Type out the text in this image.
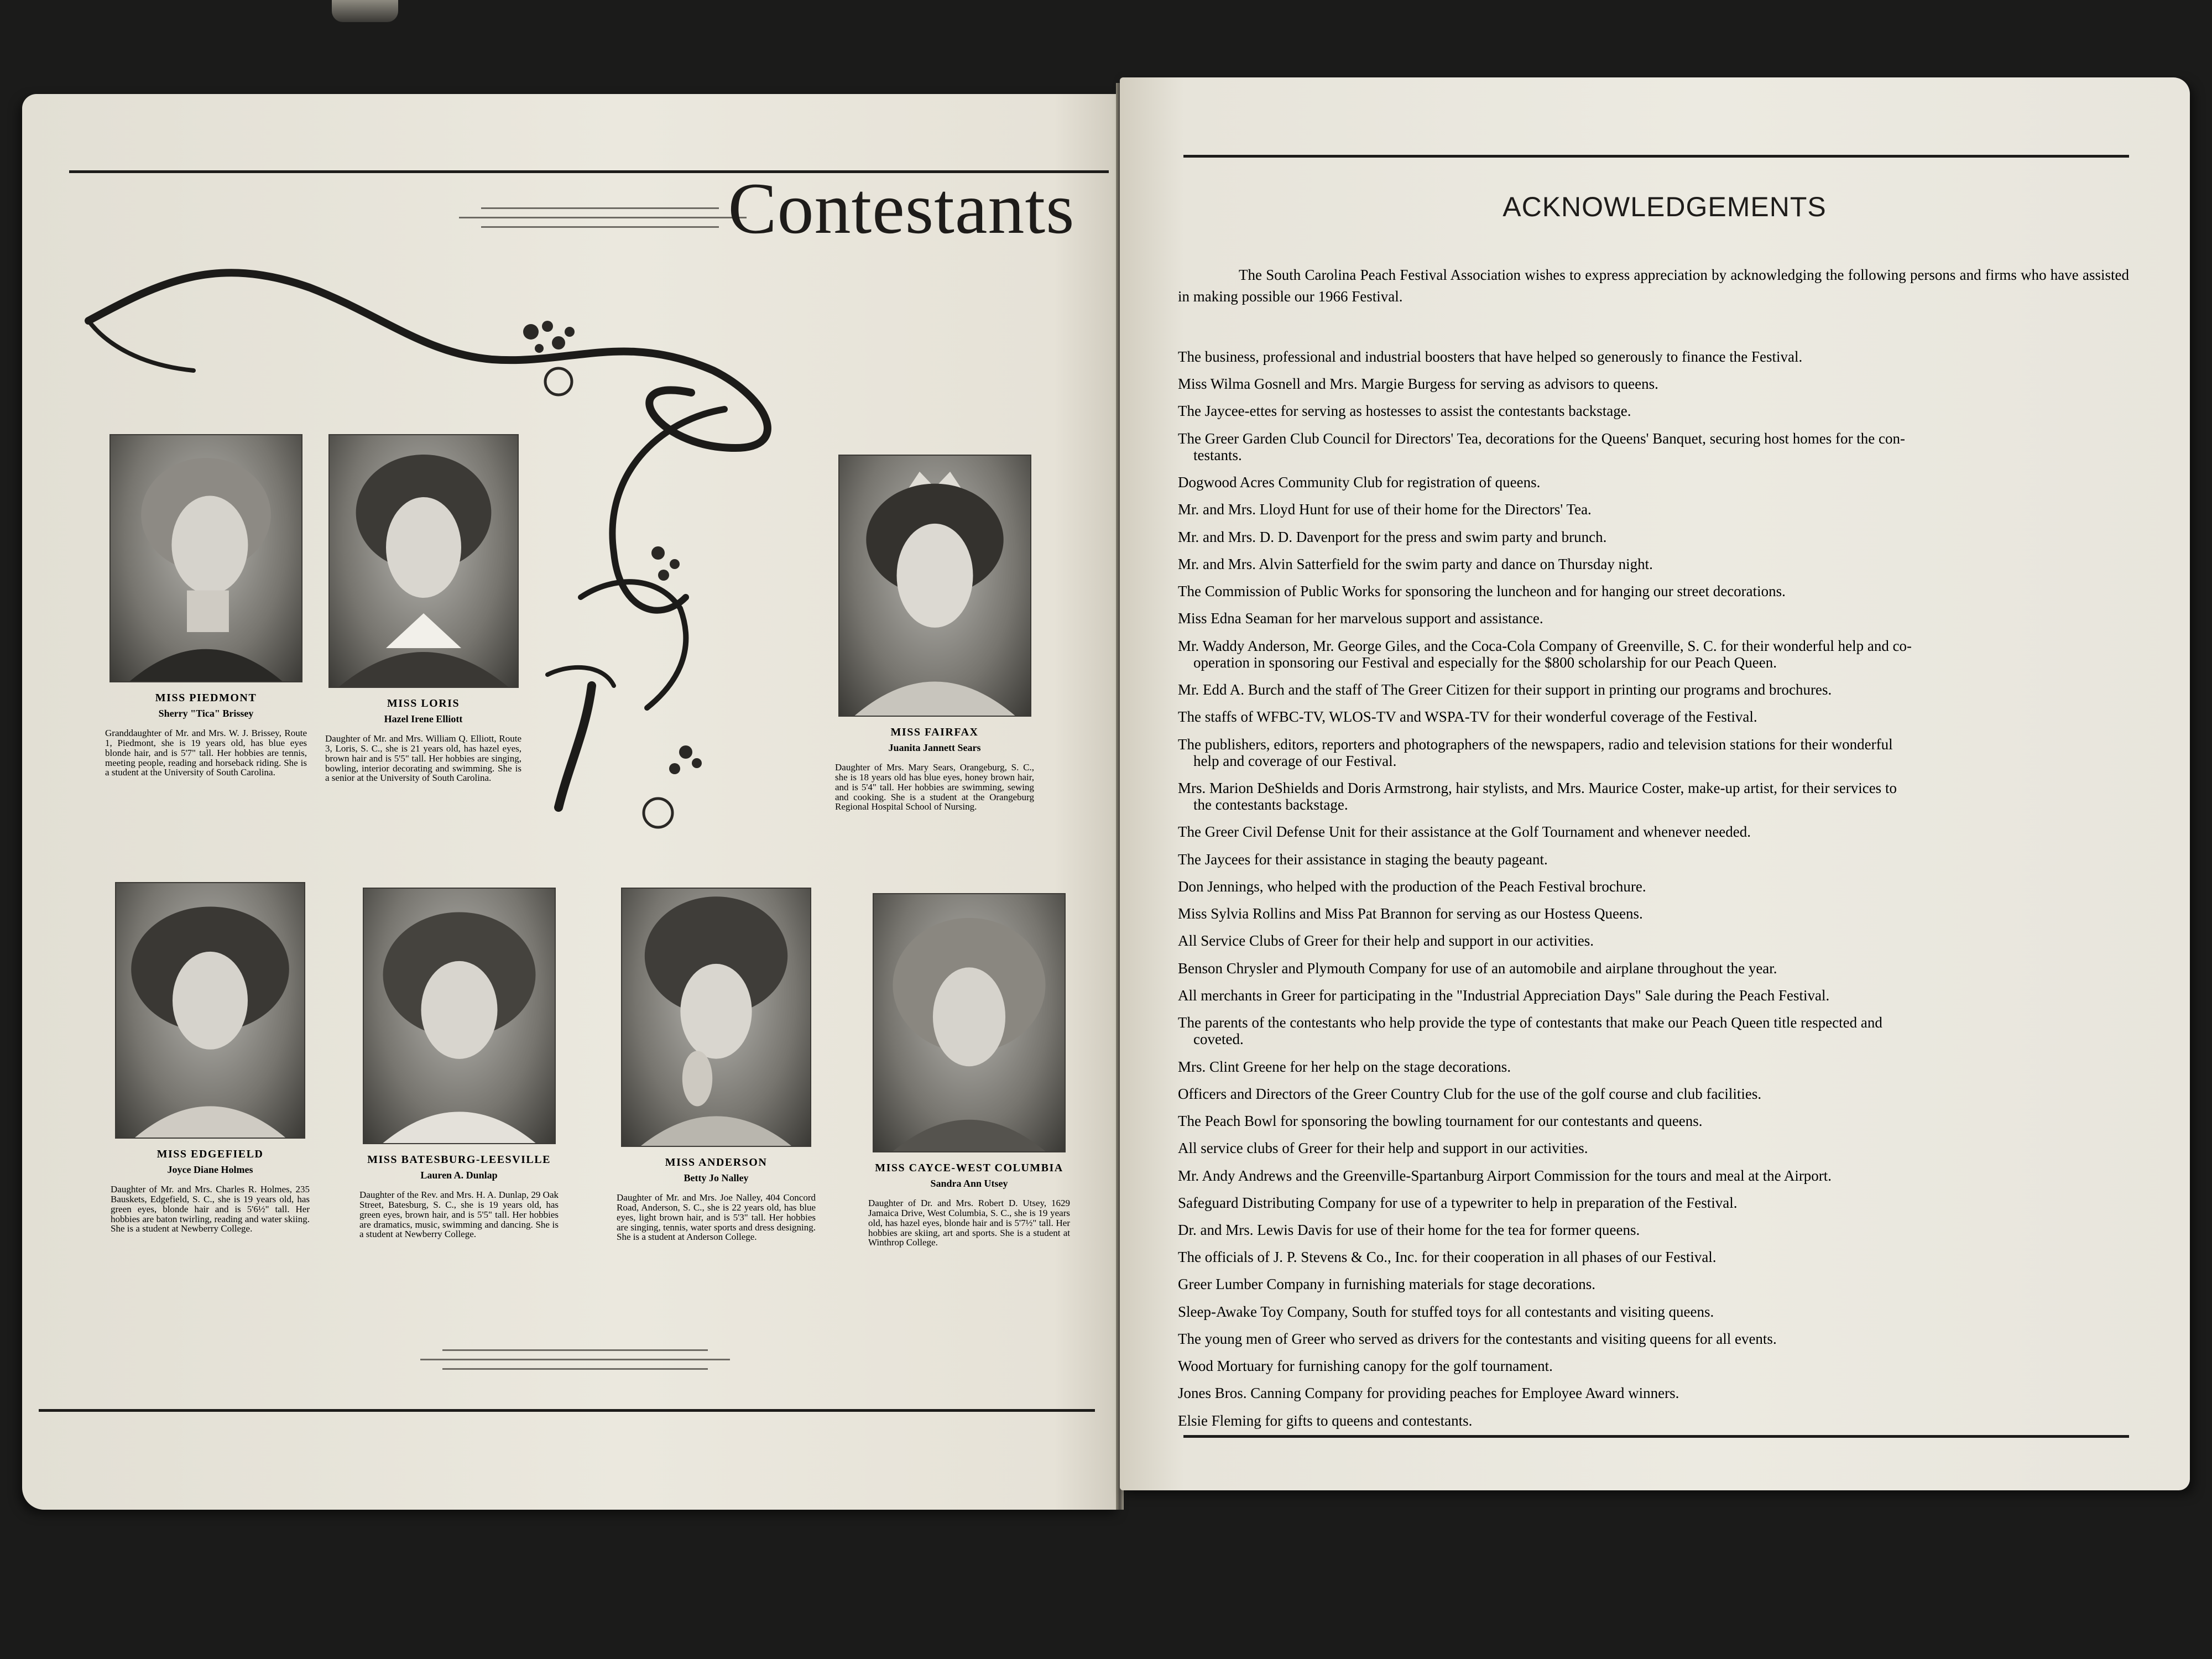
Contestants
MISS PIEDMONT
Sherry "Tica" Brissey
Granddaughter of Mr. and Mrs. W. J. Brissey, Route 1, Piedmont, she is 19 years old, has blue eyes blonde hair, and is 5'7" tall. Her hobbies are tennis, meeting people, reading and horseback riding. She is a student at the University of South Carolina.
MISS LORIS
Hazel Irene Elliott
Daughter of Mr. and Mrs. William Q. Elliott, Route 3, Loris, S. C., she is 21 years old, has hazel eyes, brown hair and is 5'5" tall. Her hobbies are singing, bowling, interior decorating and swimming. She is a senior at the University of South Carolina.
MISS FAIRFAX
Juanita Jannett Sears
Daughter of Mrs. Mary Sears, Orangeburg, S. C., she is 18 years old has blue eyes, honey brown hair, and is 5'4" tall. Her hobbies are swimming, sewing and cooking. She is a student at the Orangeburg Regional Hospital School of Nursing.
MISS EDGEFIELD
Joyce Diane Holmes
Daughter of Mr. and Mrs. Charles R. Holmes, 235 Bauskets, Edgefield, S. C., she is 19 years old, has green eyes, blonde hair and is 5'6½" tall. Her hobbies are baton twirling, reading and water skiing. She is a student at Newberry College.
MISS BATESBURG-LEESVILLE
Lauren A. Dunlap
Daughter of the Rev. and Mrs. H. A. Dunlap, 29 Oak Street, Batesburg, S. C., she is 19 years old, has green eyes, brown hair, and is 5'5" tall. Her hobbies are dramatics, music, swimming and dancing. She is a student at Newberry College.
MISS ANDERSON
Betty Jo Nalley
Daughter of Mr. and Mrs. Joe Nalley, 404 Concord Road, Anderson, S. C., she is 22 years old, has blue eyes, light brown hair, and is 5'3" tall. Her hobbies are singing, tennis, water sports and dress designing. She is a student at Anderson College.
MISS CAYCE-WEST COLUMBIA
Sandra Ann Utsey
Daughter of Dr. and Mrs. Robert D. Utsey, 1629 Jamaica Drive, West Columbia, S. C., she is 19 years old, has hazel eyes, blonde hair and is 5'7½" tall. Her hobbies are skiing, art and sports. She is a student at Winthrop College.
ACKNOWLEDGEMENTS

The South Carolina Peach Festival Association wishes to express appreciation by acknowledging the following persons and firms who have assisted in making possible our 1966 Festival.

The business, professional and industrial boosters that have helped so generously to finance the Festival.
Miss Wilma Gosnell and Mrs. Margie Burgess for serving as advisors to queens.
The Jaycee-ettes for serving as hostesses to assist the contestants backstage.
The Greer Garden Club Council for Directors' Tea, decorations for the Queens' Banquet, securing host homes for the con-
testants.
Dogwood Acres Community Club for registration of queens.
Mr. and Mrs. Lloyd Hunt for use of their home for the Directors' Tea.
Mr. and Mrs. D. D. Davenport for the press and swim party and brunch.
Mr. and Mrs. Alvin Satterfield for the swim party and dance on Thursday night.
The Commission of Public Works for sponsoring the luncheon and for hanging our street decorations.
Miss Edna Seaman for her marvelous support and assistance.
Mr. Waddy Anderson, Mr. George Giles, and the Coca-Cola Company of Greenville, S. C. for their wonderful help and co-
operation in sponsoring our Festival and especially for the $800 scholarship for our Peach Queen.
Mr. Edd A. Burch and the staff of The Greer Citizen for their support in printing our programs and brochures.
The staffs of WFBC-TV, WLOS-TV and WSPA-TV for their wonderful coverage of the Festival.
The publishers, editors, reporters and photographers of the newspapers, radio and television stations for their wonderful
help and coverage of our Festival.
Mrs. Marion DeShields and Doris Armstrong, hair stylists, and Mrs. Maurice Coster, make-up artist, for their services to
the contestants backstage.
The Greer Civil Defense Unit for their assistance at the Golf Tournament and whenever needed.
The Jaycees for their assistance in staging the beauty pageant.
Don Jennings, who helped with the production of the Peach Festival brochure.
Miss Sylvia Rollins and Miss Pat Brannon for serving as our Hostess Queens.
All Service Clubs of Greer for their help and support in our activities.
Benson Chrysler and Plymouth Company for use of an automobile and airplane throughout the year.
All merchants in Greer for participating in the "Industrial Appreciation Days" Sale during the Peach Festival.
The parents of the contestants who help provide the type of contestants that make our Peach Queen title respected and
coveted.
Mrs. Clint Greene for her help on the stage decorations.
Officers and Directors of the Greer Country Club for the use of the golf course and club facilities.
The Peach Bowl for sponsoring the bowling tournament for our contestants and queens.
All service clubs of Greer for their help and support in our activities.
Mr. Andy Andrews and the Greenville-Spartanburg Airport Commission for the tours and meal at the Airport.
Safeguard Distributing Company for use of a typewriter to help in preparation of the Festival.
Dr. and Mrs. Lewis Davis for use of their home for the tea for former queens.
The officials of J. P. Stevens & Co., Inc. for their cooperation in all phases of our Festival.
Greer Lumber Company in furnishing materials for stage decorations.
Sleep-Awake Toy Company, South for stuffed toys for all contestants and visiting queens.
The young men of Greer who served as drivers for the contestants and visiting queens for all events.
Wood Mortuary for furnishing canopy for the golf tournament.
Jones Bros. Canning Company for providing peaches for Employee Award winners.
Elsie Fleming for gifts to queens and contestants.
